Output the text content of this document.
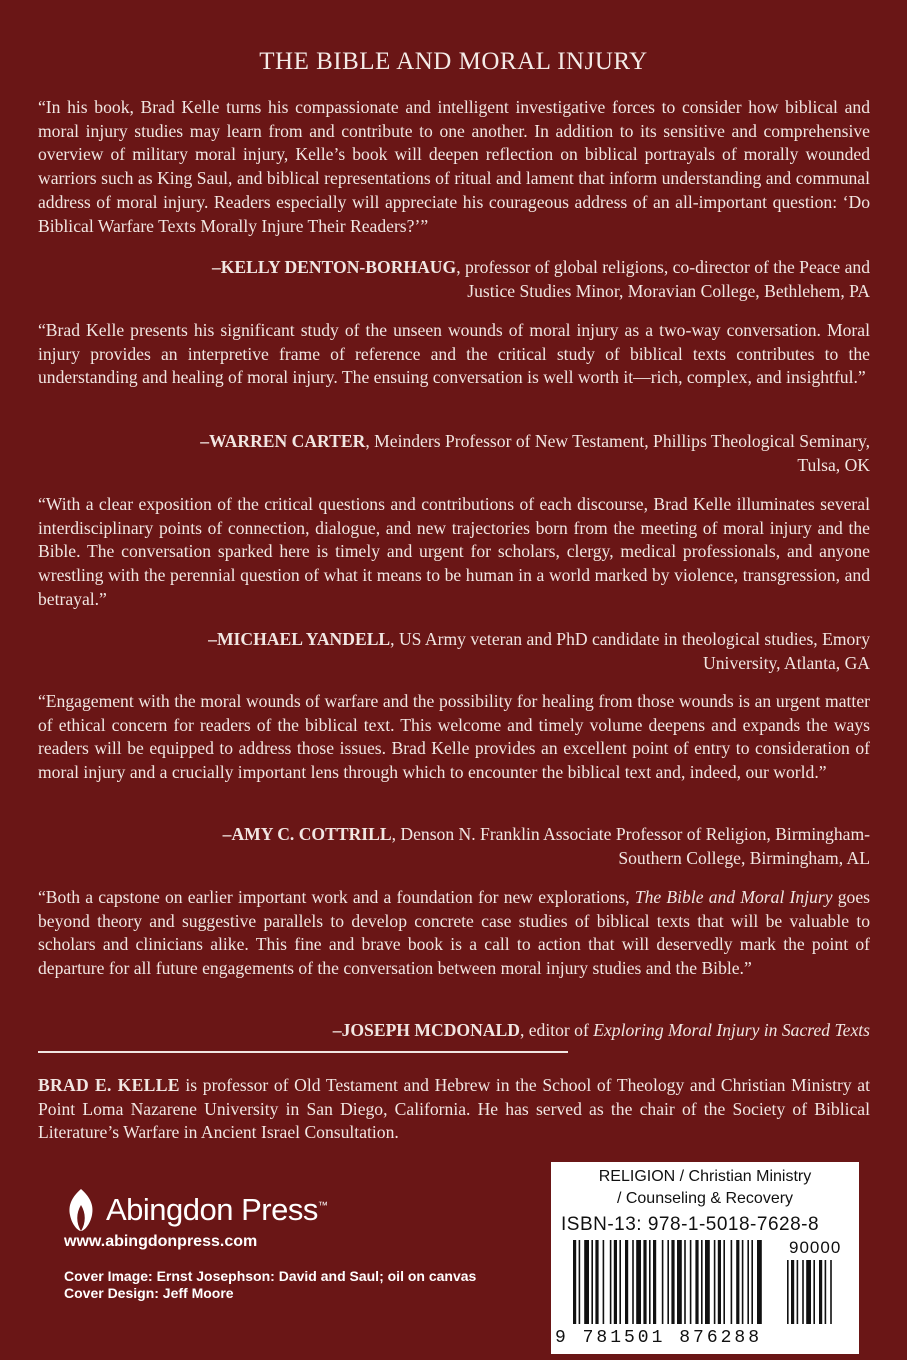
THE BIBLE AND MORAL INJURY
“In his book, Brad Kelle turns his compassionate and intelligent investigative forces to consider how biblical and moral injury studies may learn from and contribute to one another. In addition to its sensitive and comprehensive overview of military moral injury, Kelle’s book will deepen reflection on biblical portrayals of morally wounded warriors such as King Saul, and biblical representations of ritual and lament that inform understanding and communal address of moral injury. Readers especially will appreciate his courageous address of an all-important question: ‘Do Biblical Warfare Texts Morally Injure Their Readers?’”
–KELLY DENTON-BORHAUG, professor of global religions, co-director of the Peace and Justice Studies Minor, Moravian College, Bethlehem, PA
“Brad Kelle presents his significant study of the unseen wounds of moral injury as a two-way conversation. Moral injury provides an interpretive frame of reference and the critical study of biblical texts contributes to the understanding and healing of moral injury. The ensuing conversation is well worth it—rich, complex, and insightful.”
–WARREN CARTER, Meinders Professor of New Testament, Phillips Theological Seminary, Tulsa, OK
“With a clear exposition of the critical questions and contributions of each discourse, Brad Kelle illuminates several interdisciplinary points of connection, dialogue, and new trajectories born from the meeting of moral injury and the Bible. The conversation sparked here is timely and urgent for scholars, clergy, medical professionals, and anyone wrestling with the perennial question of what it means to be human in a world marked by violence, transgression, and betrayal.”
–MICHAEL YANDELL, US Army veteran and PhD candidate in theological studies, Emory University, Atlanta, GA
“Engagement with the moral wounds of warfare and the possibility for healing from those wounds is an urgent matter of ethical concern for readers of the biblical text. This welcome and timely volume deepens and expands the ways readers will be equipped to address those issues. Brad Kelle provides an excellent point of entry to consideration of moral injury and a crucially important lens through which to encounter the biblical text and, indeed, our world.”
–AMY C. COTTRILL, Denson N. Franklin Associate Professor of Religion, Birmingham-Southern College, Birmingham, AL
“Both a capstone on earlier important work and a foundation for new explorations, The Bible and Moral Injury goes beyond theory and suggestive parallels to develop concrete case studies of biblical texts that will be valuable to scholars and clinicians alike. This fine and brave book is a call to action that will deservedly mark the point of departure for all future engagements of the conversation between moral injury studies and the Bible.”
–JOSEPH MCDONALD, editor of Exploring Moral Injury in Sacred Texts
BRAD E. KELLE is professor of Old Testament and Hebrew in the School of Theology and Christian Ministry at Point Loma Nazarene University in San Diego, California. He has served as the chair of the Society of Biblical Literature’s Warfare in Ancient Israel Consultation.
Abingdon Press™
www.abingdonpress.com
Cover Image: Ernst Josephson: David and Saul; oil on canvas
Cover Design: Jeff Moore
RELIGION / Christian Ministry
/ Counseling & Recovery
ISBN-13: 978-1-5018-7628-8
90000
9 781501 876288
